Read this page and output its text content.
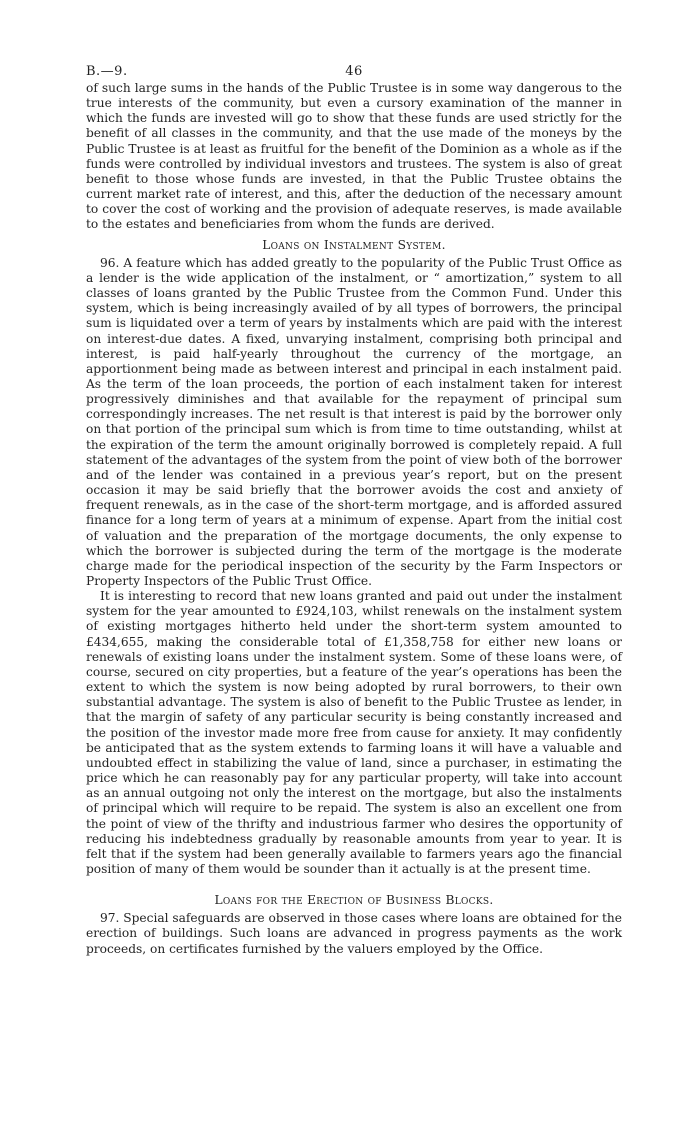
B.—9.	46

of such large sums in the hands of the Public Trustee is in some way dangerous to the true interests of the community, but even a cursory examination of the manner in which the funds are invested will go to show that these funds are used strictly for the benefit of all classes in the community, and that the use made of the moneys by the Public Trustee is at least as fruitful for the benefit of the Dominion as a whole as if the funds were controlled by individual investors and trustees. The system is also of great benefit to those whose funds are invested, in that the Public Trustee obtains the current market rate of interest, and this, after the deduction of the necessary amount to cover the cost of working and the provision of adequate reserves, is made available to the estates and beneficiaries from whom the funds are derived.

Loans on Instalment System.

96. A feature which has added greatly to the popularity of the Public Trust Office as a lender is the wide application of the instalment, or “ amortization,” system to all classes of loans granted by the Public Trustee from the Common Fund. Under this system, which is being increasingly availed of by all types of borrowers, the principal sum is liquidated over a term of years by instalments which are paid with the interest on interest-due dates. A fixed, unvarying instalment, comprising both principal and interest, is paid half-yearly throughout the currency of the mortgage, an apportionment being made as between interest and principal in each instalment paid. As the term of the loan proceeds, the portion of each instalment taken for interest progressively diminishes and that available for the repayment of principal sum correspondingly increases. The net result is that interest is paid by the borrower only on that portion of the principal sum which is from time to time outstanding, whilst at the expiration of the term the amount originally borrowed is completely repaid. A full statement of the advantages of the system from the point of view both of the borrower and of the lender was contained in a previous year’s report, but on the present occasion it may be said briefly that the borrower avoids the cost and anxiety of frequent renewals, as in the case of the short-term mortgage, and is afforded assured finance for a long term of years at a minimum of expense. Apart from the initial cost of valuation and the preparation of the mortgage documents, the only expense to which the borrower is subjected during the term of the mortgage is the moderate charge made for the periodical inspection of the security by the Farm Inspectors or Property Inspectors of the Public Trust Office.

It is interesting to record that new loans granted and paid out under the instalment system for the year amounted to £924,103, whilst renewals on the instalment system of existing mortgages hitherto held under the short-term system amounted to £434,655, making the considerable total of £1,358,758 for either new loans or renewals of existing loans under the instalment system. Some of these loans were, of course, secured on city properties, but a feature of the year’s operations has been the extent to which the system is now being adopted by rural borrowers, to their own substantial advantage. The system is also of benefit to the Public Trustee as lender, in that the margin of safety of any particular security is being constantly increased and the position of the investor made more free from cause for anxiety. It may confidently be anticipated that as the system extends to farming loans it will have a valuable and undoubted effect in stabilizing the value of land, since a purchaser, in estimating the price which he can reasonably pay for any particular property, will take into account as an annual outgoing not only the interest on the mortgage, but also the instalments of principal which will require to be repaid. The system is also an excellent one from the point of view of the thrifty and industrious farmer who desires the opportunity of reducing his indebtedness gradually by reasonable amounts from year to year. It is felt that if the system had been generally available to farmers years ago the financial position of many of them would be sounder than it actually is at the present time.

Loans for the Erection of Business Blocks.

97. Special safeguards are observed in those cases where loans are obtained for the erection of buildings. Such loans are advanced in progress payments as the work proceeds, on certificates furnished by the valuers employed by the Office.
